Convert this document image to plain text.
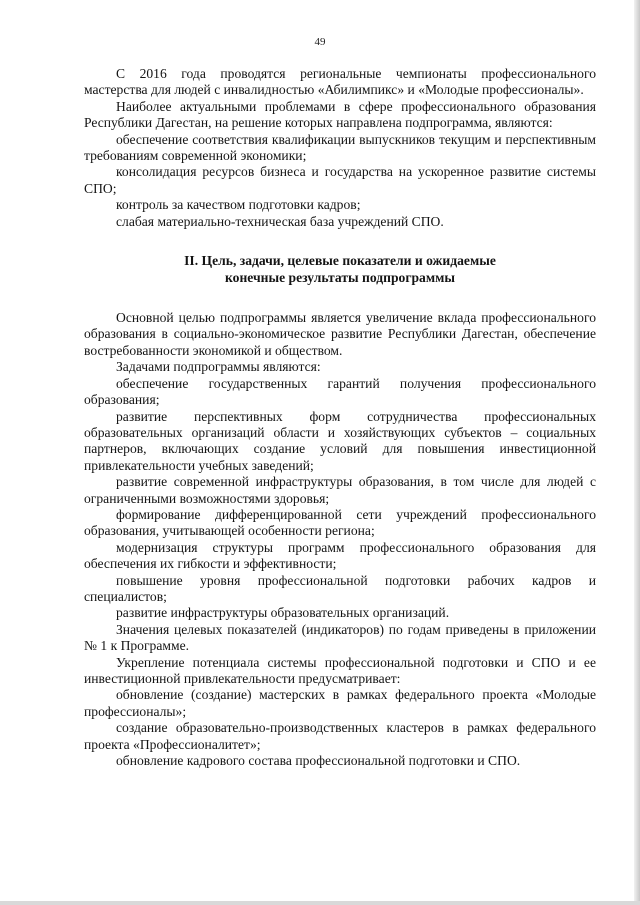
49

С 2016 года проводятся региональные чемпионаты профессионального мастерства для людей с инвалидностью «Абилимпикс» и «Молодые профессионалы».

Наиболее актуальными проблемами в сфере профессионального образования Республики Дагестан, на решение которых направлена подпрограмма, являются:

обеспечение соответствия квалификации выпускников текущим и перспективным требованиям современной экономики;

консолидация ресурсов бизнеса и государства на ускоренное развитие системы СПО;

контроль за качеством подготовки кадров;

слабая материально-техническая база учреждений СПО.

II. Цель, задачи, целевые показатели и ожидаемые

конечные результаты подпрограммы

Основной целью подпрограммы является увеличение вклада профессионального образования в социально-экономическое развитие Республики Дагестан, обеспечение востребованности экономикой и обществом.

Задачами подпрограммы являются:

обеспечение государственных гарантий получения профессионального образования;

развитие перспективных форм сотрудничества профессиональных образовательных организаций области и хозяйствующих субъектов – социальных партнеров, включающих создание условий для повышения инвестиционной привлекательности учебных заведений;

развитие современной инфраструктуры образования, в том числе для людей с ограниченными возможностями здоровья;

формирование дифференцированной сети учреждений профессионального образования, учитывающей особенности региона;

модернизация структуры программ профессионального образования для обеспечения их гибкости и эффективности;

повышение уровня профессиональной подготовки рабочих кадров и специалистов;

развитие инфраструктуры образовательных организаций.

Значения целевых показателей (индикаторов) по годам приведены в приложении № 1 к Программе.

Укрепление потенциала системы профессиональной подготовки и СПО и ее инвестиционной привлекательности предусматривает:

обновление (создание) мастерских в рамках федерального проекта «Молодые профессионалы»;

создание образовательно-производственных кластеров в рамках федерального проекта «Профессионалитет»;

обновление кадрового состава профессиональной подготовки и СПО.
